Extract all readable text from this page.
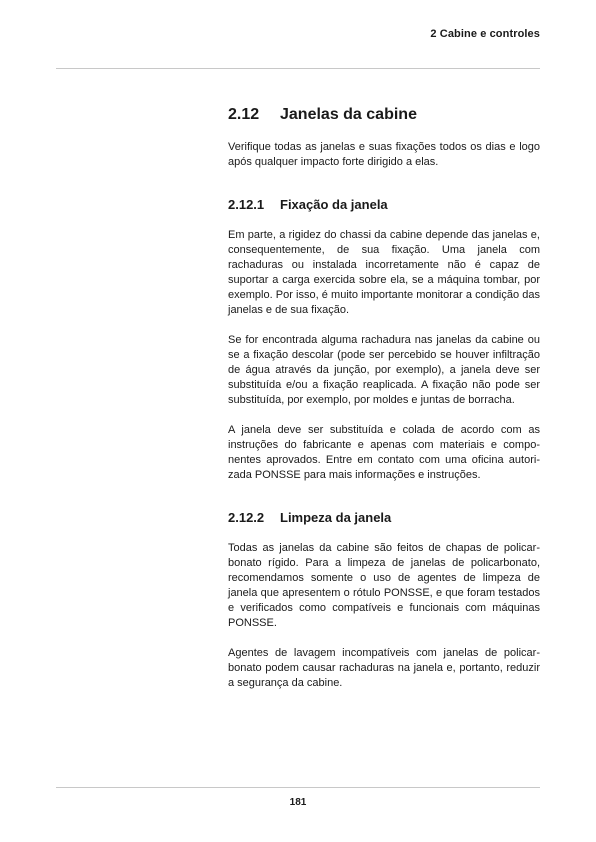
2 Cabine e controles
2.12	Janelas da cabine

Verifique todas as janelas e suas fixações todos os dias e logo após qualquer impacto forte dirigido a elas.

2.12.1	Fixação da janela

Em parte, a rigidez do chassi da cabine depende das janelas e, consequentemente, de sua fixação. Uma janela com rachaduras ou instalada incorretamente não é capaz de suportar a carga exercida sobre ela, se a máquina tombar, por exemplo. Por isso, é muito importante monitorar a condição das janelas e de sua fixação.

Se for encontrada alguma rachadura nas janelas da cabine ou se a fixação descolar (pode ser percebido se houver infiltração de água através da junção, por exemplo), a janela deve ser substituída e/ou a fixação reaplicada. A fixação não pode ser substituída, por exemplo, por moldes e juntas de borracha.

A janela deve ser substituída e colada de acordo com as instruções do fabricante e apenas com materiais e componentes aprovados. Entre em contato com uma oficina autorizada PONSSE para mais informações e instruções.

2.12.2	Limpeza da janela

Todas as janelas da cabine são feitos de chapas de policarbonato rígido. Para a limpeza de janelas de policarbonato, recomendamos somente o uso de agentes de limpeza de janela que apresentem o rótulo PONSSE, e que foram testados e verificados como compatíveis e funcionais com máquinas PONSSE.

Agentes de lavagem incompatíveis com janelas de policarbonato podem causar rachaduras na janela e, portanto, reduzir a segurança da cabine.

181
